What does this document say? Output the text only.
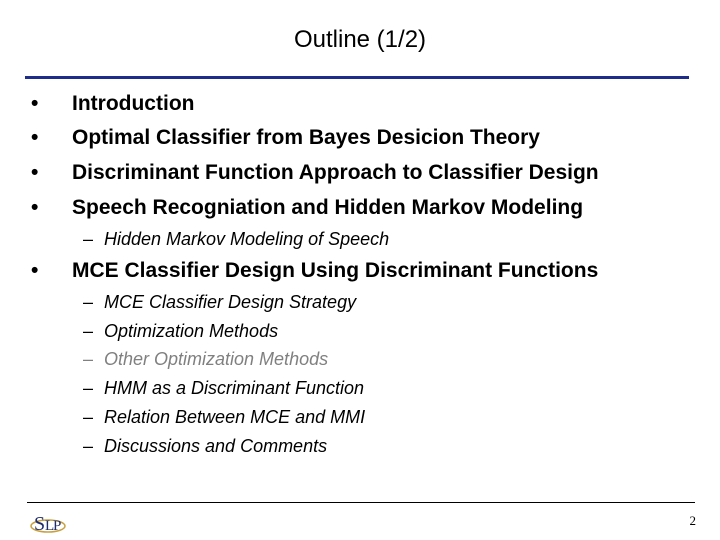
Outline (1/2)
• Introduction
• Optimal Classifier from Bayes Desicion Theory
• Discriminant Function Approach to Classifier Design
• Speech Recogniation and Hidden Markov Modeling
– Hidden Markov Modeling of Speech
• MCE Classifier Design Using Discriminant Functions
– MCE Classifier Design Strategy
– Optimization Methods
– Other Optimization Methods
– HMM as a Discriminant Function
– Relation Between MCE and MMI
– Discussions and Comments
S L
P	2
